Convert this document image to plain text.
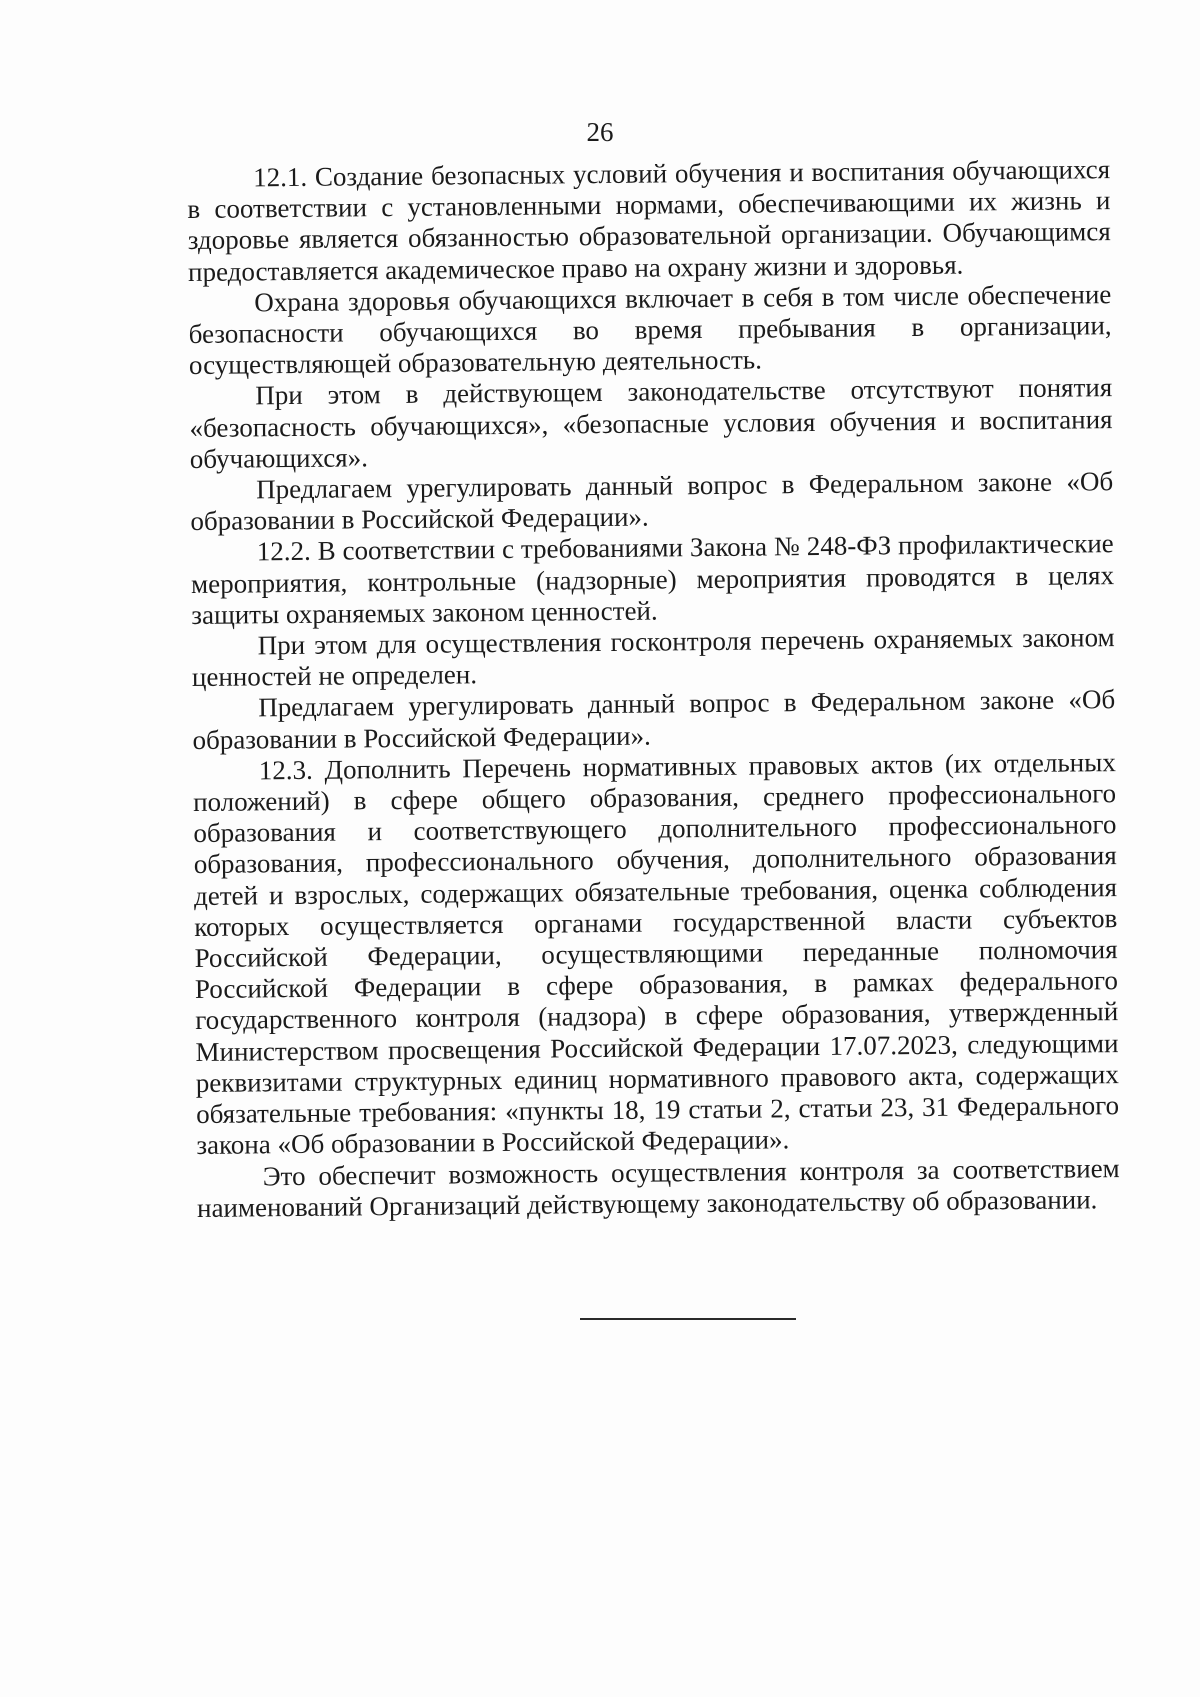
26

12.1. Создание безопасных условий обучения и воспитания обучающихся в соответствии с установленными нормами, обеспечивающими их жизнь и здоровье является обязанностью образовательной организации. Обучающимся предоставляется академическое право на охрану жизни и здоровья.

Охрана здоровья обучающихся включает в себя в том числе обеспечение безопасности обучающихся во время пребывания в организации, осуществляющей образовательную деятельность.

При этом в действующем законодательстве отсутствуют понятия «безопасность обучающихся», «безопасные условия обучения и воспитания обучающихся».

Предлагаем урегулировать данный вопрос в Федеральном законе «Об образовании в Российской Федерации».

12.2. В соответствии с требованиями Закона № 248-ФЗ профилактические мероприятия, контрольные (надзорные) мероприятия проводятся в целях защиты охраняемых законом ценностей.

При этом для осуществления госконтроля перечень охраняемых законом ценностей не определен.

Предлагаем урегулировать данный вопрос в Федеральном законе «Об образовании в Российской Федерации».

12.3. Дополнить Перечень нормативных правовых актов (их отдельных положений) в сфере общего образования, среднего профессионального образования и соответствующего дополнительного профессионального образования, профессионального обучения, дополнительного образования детей и взрослых, содержащих обязательные требования, оценка соблюдения которых осуществляется органами государственной власти субъектов Российской Федерации, осуществляющими переданные полномочия Российской Федерации в сфере образования, в рамках федерального государственного контроля (надзора) в сфере образования, утвержденный Министерством просвещения Российской Федерации 17.07.2023, следующими реквизитами структурных единиц нормативного правового акта, содержащих обязательные требования: «пункты 18, 19 статьи 2, статьи 23, 31 Федерального закона «Об образовании в Российской Федерации».

Это обеспечит возможность осуществления контроля за соответствием наименований Организаций действующему законодательству об образовании.
